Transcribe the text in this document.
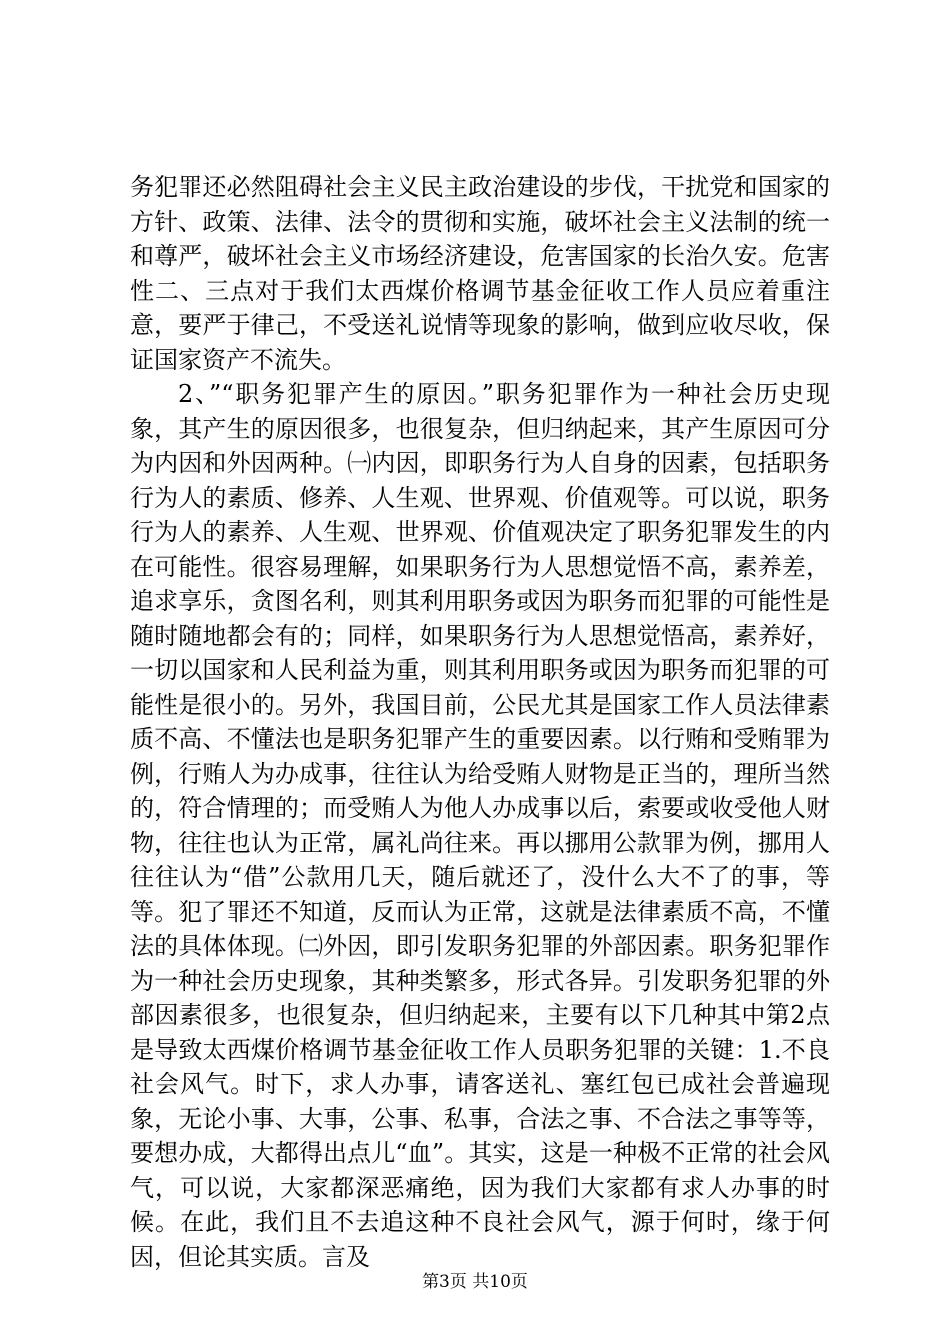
务犯罪还必然阻碍社会主义民主政治建设的步伐，干扰党和国家的方针、政策、法律、法令的贯彻和实施，破坏社会主义法制的统一和尊严，破坏社会主义市场经济建设，危害国家的长治久安。危害性二、三点对于我们太西煤价格调节基金征收工作人员应着重注意，要严于律己，不受送礼说情等现象的影响，做到应收尽收，保证国家资产不流失。

2、”“职务犯罪产生的原因。”职务犯罪作为一种社会历史现象，其产生的原因很多，也很复杂，但归纳起来，其产生原因可分为内因和外因两种。㈠内因，即职务行为人自身的因素，包括职务行为人的素质、修养、人生观、世界观、价值观等。可以说，职务行为人的素养、人生观、世界观、价值观决定了职务犯罪发生的内在可能性。很容易理解，如果职务行为人思想觉悟不高，素养差，追求享乐，贪图名利，则其利用职务或因为职务而犯罪的可能性是随时随地都会有的；同样，如果职务行为人思想觉悟高，素养好，一切以国家和人民利益为重，则其利用职务或因为职务而犯罪的可能性是很小的。另外，我国目前，公民尤其是国家工作人员法律素质不高、不懂法也是职务犯罪产生的重要因素。以行贿和受贿罪为例，行贿人为办成事，往往认为给受贿人财物是正当的，理所当然的，符合情理的；而受贿人为他人办成事以后，索要或收受他人财物，往往也认为正常，属礼尚往来。再以挪用公款罪为例，挪用人往往认为“借”公款用几天，随后就还了，没什么大不了的事，等等。犯了罪还不知道，反而认为正常，这就是法律素质不高，不懂法的具体体现。㈡外因，即引发职务犯罪的外部因素。职务犯罪作为一种社会历史现象，其种类繁多，形式各异。引发职务犯罪的外部因素很多，也很复杂，但归纳起来，主要有以下几种其中第2点是导致太西煤价格调节基金征收工作人员职务犯罪的关键：1.不良社会风气。时下，求人办事，请客送礼、塞红包已成社会普遍现象，无论小事、大事，公事、私事，合法之事、不合法之事等等，要想办成，大都得出点儿“血”。其实，这是一种极不正常的社会风气，可以说，大家都深恶痛绝，因为我们大家都有求人办事的时候。在此，我们且不去追这种不良社会风气，源于何时，缘于何因，但论其实质。言及

第3页 共10页
